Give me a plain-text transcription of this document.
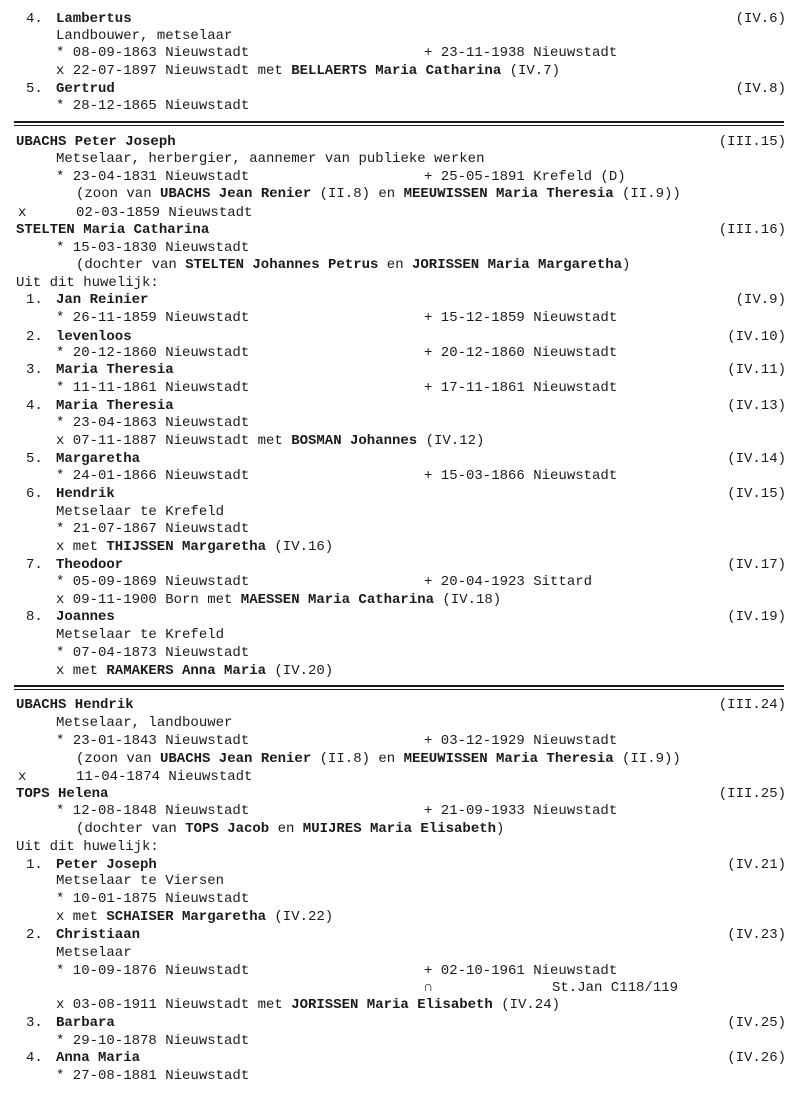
4. Lambertus	(IV.6)
Landbouwer, metselaar
* 08-09-1863 Nieuwstadt	+ 23-11-1938 Nieuwstadt
x 22-07-1897 Nieuwstadt met BELLAERTS Maria Catharina (IV.7)
5. Gertrud	(IV.8)
* 28-12-1865 Nieuwstadt
UBACHS Peter Joseph	(III.15)
Metselaar, herbergier, aannemer van publieke werken
* 23-04-1831 Nieuwstadt	+ 25-05-1891 Krefeld (D)
(zoon van UBACHS Jean Renier (II.8) en MEEUWISSEN Maria Theresia (II.9))
x	02-03-1859 Nieuwstadt
STELTEN Maria Catharina	(III.16)
* 15-03-1830 Nieuwstadt
(dochter van STELTEN Johannes Petrus en JORISSEN Maria Margaretha )
Uit dit huwelijk:
1. Jan Reinier	(IV.9)
* 26-11-1859 Nieuwstadt	+ 15-12-1859 Nieuwstadt
2. levenloos	(IV.10)
* 20-12-1860 Nieuwstadt	+ 20-12-1860 Nieuwstadt
3. Maria Theresia	(IV.11)
* 11-11-1861 Nieuwstadt	+ 17-11-1861 Nieuwstadt
4. Maria Theresia	(IV.13)
* 23-04-1863 Nieuwstadt
x 07-11-1887 Nieuwstadt met BOSMAN Johannes (IV.12)
5. Margaretha	(IV.14)
* 24-01-1866 Nieuwstadt	+ 15-03-1866 Nieuwstadt
6. Hendrik	(IV.15)
Metselaar te Krefeld
* 21-07-1867 Nieuwstadt
x met THIJSSEN Margaretha (IV.16)
7. Theodoor	(IV.17)
* 05-09-1869 Nieuwstadt	+ 20-04-1923 Sittard
x 09-11-1900 Born met MAESSEN Maria Catharina (IV.18)
8. Joannes	(IV.19)
Metselaar te Krefeld
* 07-04-1873 Nieuwstadt
x met RAMAKERS Anna Maria (IV.20)
UBACHS Hendrik	(III.24)
Metselaar, landbouwer
* 23-01-1843 Nieuwstadt	+ 03-12-1929 Nieuwstadt
(zoon van UBACHS Jean Renier (II.8) en MEEUWISSEN Maria Theresia (II.9))
x	11-04-1874 Nieuwstadt
TOPS Helena	(III.25)
* 12-08-1848 Nieuwstadt	+ 21-09-1933 Nieuwstadt
(dochter van TOPS Jacob en MUIJRES Maria Elisabeth )
Uit dit huwelijk:
1. Peter Joseph	(IV.21)
Metselaar te Viersen
* 10-01-1875 Nieuwstadt
x met SCHAISER Margaretha (IV.22)
2. Christiaan	(IV.23)
Metselaar
* 10-09-1876 Nieuwstadt	+ 02-10-1961 Nieuwstadt
∩	St.Jan C118/119
x 03-08-1911 Nieuwstadt met JORISSEN Maria Elisabeth (IV.24)
3. Barbara	(IV.25)
* 29-10-1878 Nieuwstadt
4. Anna Maria	(IV.26)
* 27-08-1881 Nieuwstadt
